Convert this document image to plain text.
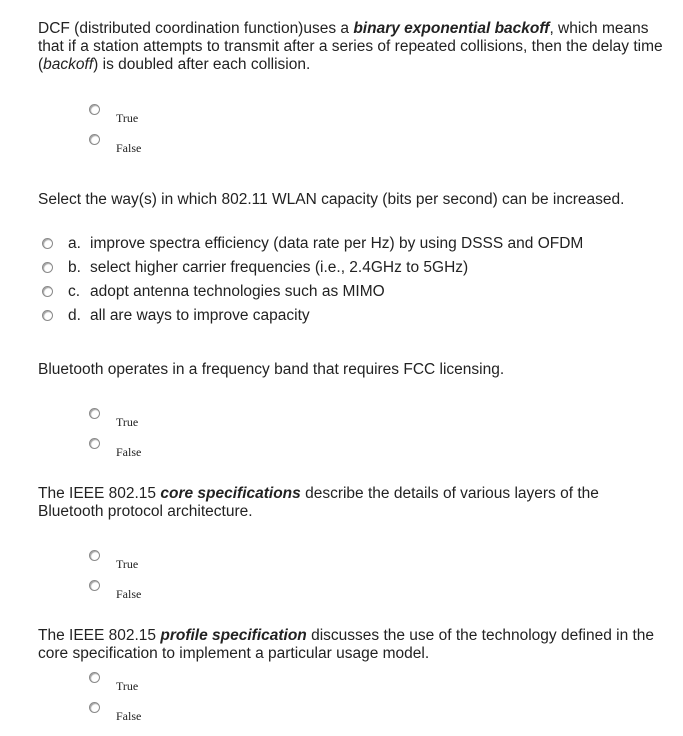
DCF (distributed coordination function)uses a binary exponential backoff, which means that if a station attempts to transmit after a series of repeated collisions, then the delay time (backoff) is doubled after each collision.

True
False

Select the way(s) in which 802.11 WLAN capacity (bits per second) can be increased.

a. improve spectra efficiency (data rate per Hz) by using DSSS and OFDM
b. select higher carrier frequencies (i.e., 2.4GHz to 5GHz)
c. adopt antenna technologies such as MIMO
d. all are ways to improve capacity

Bluetooth operates in a frequency band that requires FCC licensing.

True
False

The IEEE 802.15 core specifications describe the details of various layers of the Bluetooth protocol architecture.

True
False

The IEEE 802.15 profile specification discusses the use of the technology defined in the core specification to implement a particular usage model.

True
False
